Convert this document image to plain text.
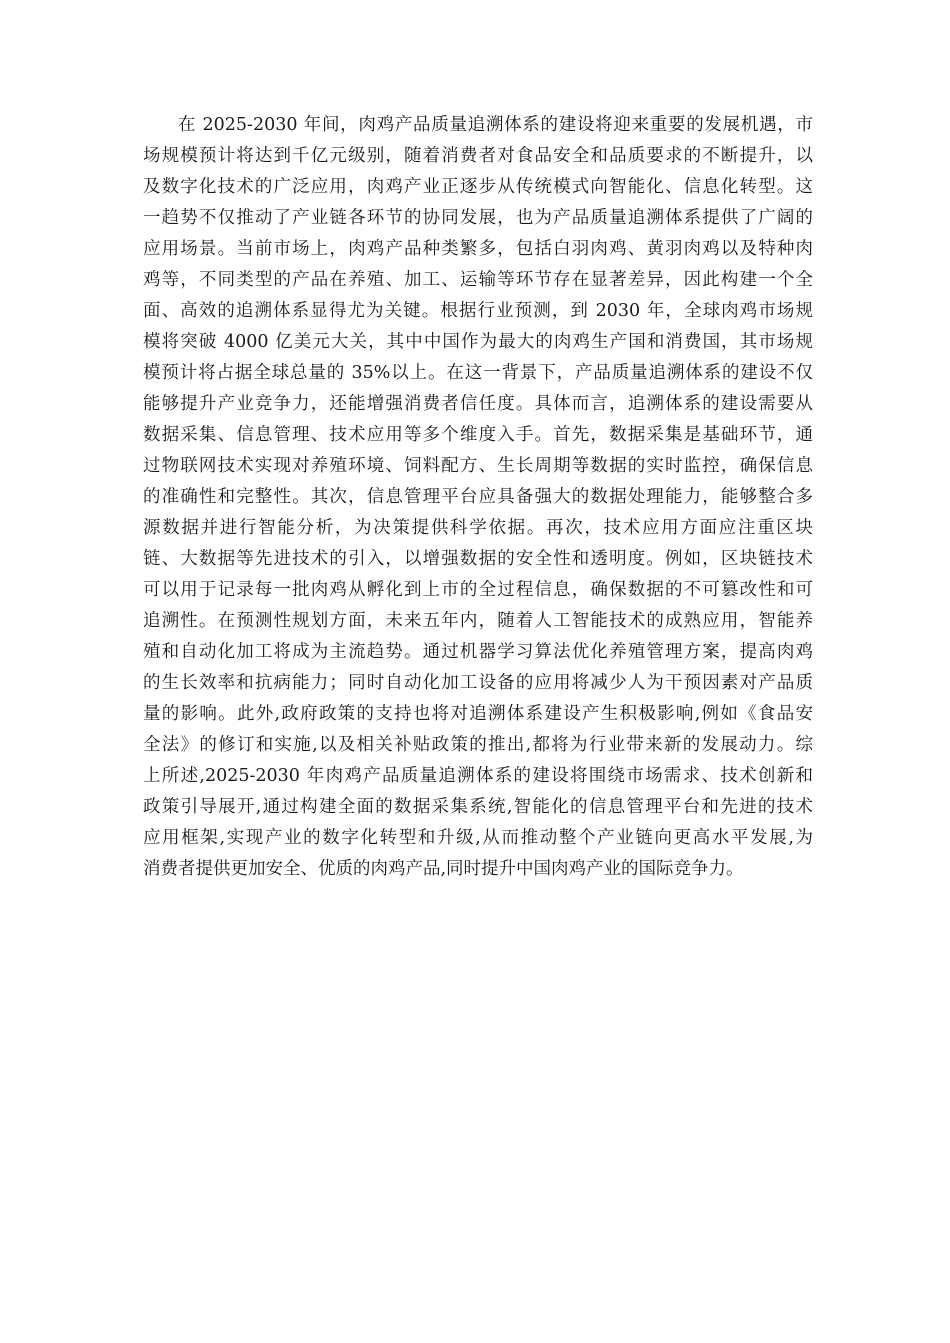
在 2025-2030 年间，肉鸡产品质量追溯体系的建设将迎来重要的发展机遇，市
场规模预计将达到千亿元级别，随着消费者对食品安全和品质要求的不断提升，以
及数字化技术的广泛应用，肉鸡产业正逐步从传统模式向智能化、信息化转型。这
一趋势不仅推动了产业链各环节的协同发展，也为产品质量追溯体系提供了广阔的
应用场景。当前市场上，肉鸡产品种类繁多，包括白羽肉鸡、黄羽肉鸡以及特种肉
鸡等，不同类型的产品在养殖、加工、运输等环节存在显著差异，因此构建一个全
面、高效的追溯体系显得尤为关键。根据行业预测，到 2030 年，全球肉鸡市场规
模将突破 4000 亿美元大关，其中中国作为最大的肉鸡生产国和消费国，其市场规
模预计将占据全球总量的 35%以上。在这一背景下，产品质量追溯体系的建设不仅
能够提升产业竞争力，还能增强消费者信任度。具体而言，追溯体系的建设需要从
数据采集、信息管理、技术应用等多个维度入手。首先，数据采集是基础环节，通
过物联网技术实现对养殖环境、饲料配方、生长周期等数据的实时监控，确保信息
的准确性和完整性。其次，信息管理平台应具备强大的数据处理能力，能够整合多
源数据并进行智能分析，为决策提供科学依据。再次，技术应用方面应注重区块
链、大数据等先进技术的引入，以增强数据的安全性和透明度。例如，区块链技术
可以用于记录每一批肉鸡从孵化到上市的全过程信息，确保数据的不可篡改性和可
追溯性。在预测性规划方面，未来五年内，随着人工智能技术的成熟应用，智能养
殖和自动化加工将成为主流趋势。通过机器学习算法优化养殖管理方案，提高肉鸡
的生长效率和抗病能力；同时自动化加工设备的应用将减少人为干预因素对产品质
量的影响。此外,政府政策的支持也将对追溯体系建设产生积极影响,例如《食品安
全法》的修订和实施,以及相关补贴政策的推出,都将为行业带来新的发展动力。综
上所述,2025-2030 年肉鸡产品质量追溯体系的建设将围绕市场需求、技术创新和
政策引导展开,通过构建全面的数据采集系统,智能化的信息管理平台和先进的技术
应用框架,实现产业的数字化转型和升级,从而推动整个产业链向更高水平发展,为
消费者提供更加安全、优质的肉鸡产品,同时提升中国肉鸡产业的国际竞争力。
